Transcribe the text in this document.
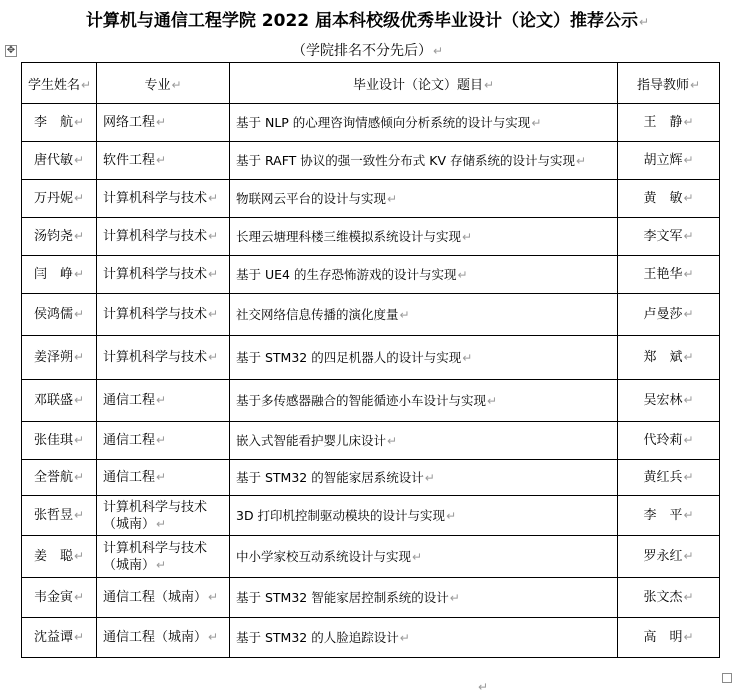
计算机与通信工程学院 2022 届本科校级优秀毕业设计（论文）推荐公示↵
（学院排名不分先后）↵
✥
学生姓名↵	专业↵	毕业设计（论文）题目↵	指导教师↵
李　航↵	网络工程↵	基于 NLP 的心理咨询情感倾向分析系统的设计与实现↵	王　静↵
唐代敏↵	软件工程↵	基于 RAFT 协议的强一致性分布式 KV 存储系统的设计与实现↵	胡立辉↵
万丹妮↵	计算机科学与技术↵	物联网云平台的设计与实现↵	黄　敏↵
汤钧尧↵	计算机科学与技术↵	长理云塘理科楼三维模拟系统设计与实现↵	李文军↵
闫　峥↵	计算机科学与技术↵	基于 UE4 的生存恐怖游戏的设计与实现↵	王艳华↵
侯鸿儒↵	计算机科学与技术↵	社交网络信息传播的演化度量↵	卢曼莎↵
姜泽朔↵	计算机科学与技术↵	基于 STM32 的四足机器人的设计与实现↵	郑　斌↵
邓联盛↵	通信工程↵	基于多传感器融合的智能循迹小车设计与实现↵	吴宏林↵
张佳琪↵	通信工程↵	嵌入式智能看护婴儿床设计↵	代玲莉↵
全誉航↵	通信工程↵	基于 STM32 的智能家居系统设计↵	黄红兵↵
张哲昱↵	计算机科学与技术（城南）↵	3D 打印机控制驱动模块的设计与实现↵	李　平↵
姜　聪↵	计算机科学与技术（城南）↵	中小学家校互动系统设计与实现↵	罗永红↵
韦金寅↵	通信工程（城南）↵	基于 STM32 智能家居控制系统的设计↵	张文杰↵
沈益谭↵	通信工程（城南）↵	基于 STM32 的人脸追踪设计↵	高　明↵
↵
